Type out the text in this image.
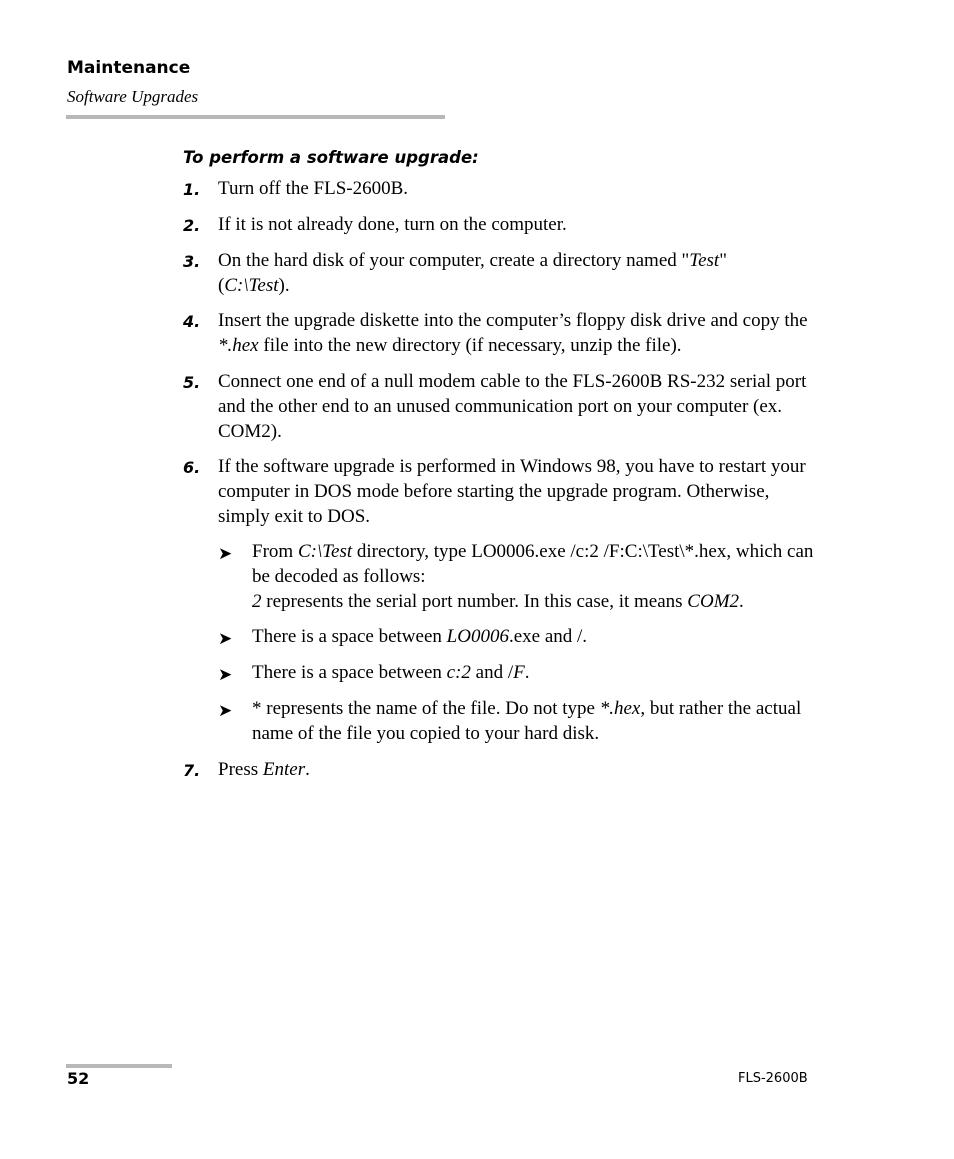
Maintenance
Software Upgrades
To perform a software upgrade:
1. Turn off the FLS-2600B.
2. If it is not already done, turn on the computer.
3. On the hard disk of your computer, create a directory named "Test"
(C:\Test).
4. Insert the upgrade diskette into the computer’s floppy disk drive and copy the *.hex file into the new directory (if necessary, unzip the file).
5. Connect one end of a null modem cable to the FLS-2600B RS-232 serial port and the other end to an unused communication port on your computer (ex. COM2).
6. If the software upgrade is performed in Windows 98, you have to restart your computer in DOS mode before starting the upgrade program. Otherwise, simply exit to DOS.
➤ From C:\Test directory, type LO0006.exe /c:2 /F:C:\Test\*.hex, which can be decoded as follows:
2 represents the serial port number. In this case, it means COM2.
➤ There is a space between LO0006.exe and /.
➤ There is a space between c:2 and /F.
➤ * represents the name of the file. Do not type *.hex, but rather the actual name of the file you copied to your hard disk.
7. Press Enter.
52	FLS-2600B
